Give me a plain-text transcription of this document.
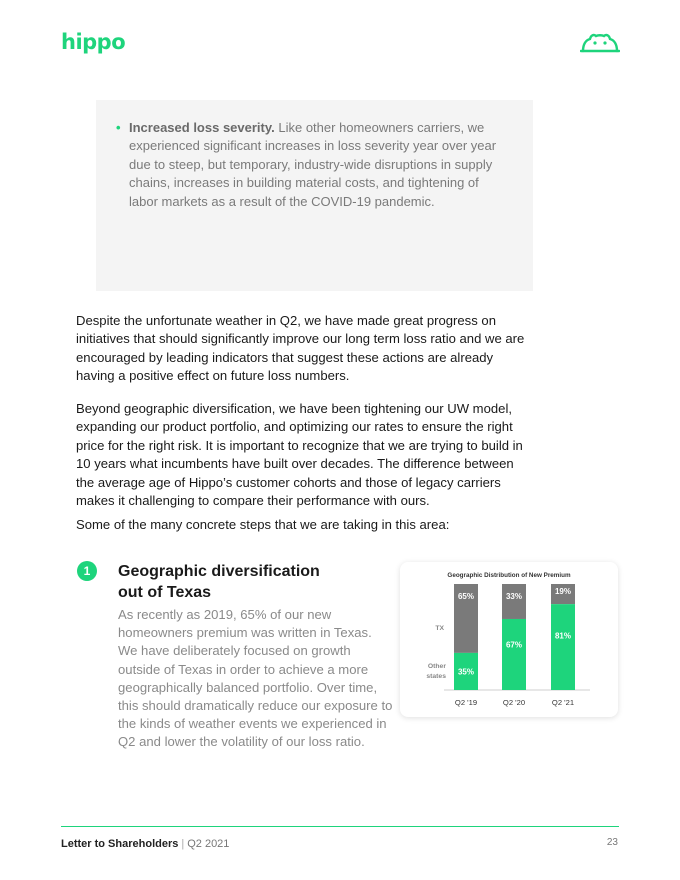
hippo
• Increased loss severity. Like other homeowners carriers, we experienced significant increases in loss severity year over year due to steep, but temporary, industry-wide disruptions in supply chains, increases in building material costs, and tightening of labor markets as a result of the COVID-19 pandemic.
Despite the unfortunate weather in Q2, we have made great progress on initiatives that should significantly improve our long term loss ratio and we are encouraged by leading indicators that suggest these actions are already having a positive effect on future loss numbers.
Beyond geographic diversification, we have been tightening our UW model, expanding our product portfolio, and optimizing our rates to ensure the right price for the right risk. It is important to recognize that we are trying to build in 10 years what incumbents have built over decades. The difference between the average age of Hippo’s customer cohorts and those of legacy carriers makes it challenging to compare their performance with ours.
Some of the many concrete steps that we are taking in this area:
1	Geographic diversification out of Texas
As recently as 2019, 65% of our new homeowners premium was written in Texas. We have deliberately focused on growth outside of Texas in order to achieve a more geographically balanced portfolio. Over time, this should dramatically reduce our exposure to the kinds of weather events we experienced in Q2 and lower the volatility of our loss ratio.
Geographic Distribution of New Premium
65%
35%
Q2 '19
33%
67%
Q2 '20
19%
81%
Q2 '21
TX
Other
states
Letter to Shareholders | Q2 2021	23
